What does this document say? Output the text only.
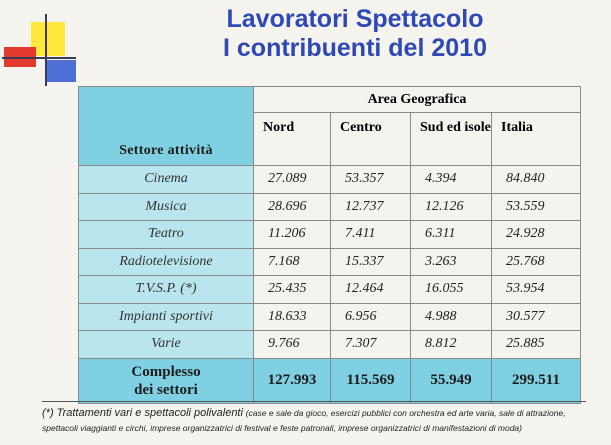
Lavoratori Spettacolo
I contribuenti del 2010
Settore attività	Area Geografica			
	Nord	Centro	Sud ed isole	Italia
Cinema	27.089	53.357	4.394	84.840
Musica	28.696	12.737	12.126	53.559
Teatro	11.206	7.411	6.311	24.928
Radiotelevisione	7.168	15.337	3.263	25.768
T.V.S.P. (*)	25.435	12.464	16.055	53.954
Impianti sportivi	18.633	6.956	4.988	30.577
Varie	9.766	7.307	8.812	25.885

Complesso
dei settori	127.993	115.569	55.949	299.511
(*) Trattamenti vari e spettacoli polivalenti (case e sale da gioco, esercizi pubblici con orchestra ed arte varia, sale di attrazione,
spettacoli viaggianti e circhi, imprese organizzatrici di festival e feste patronali, imprese organizzatrici di manifestazioni di moda)
